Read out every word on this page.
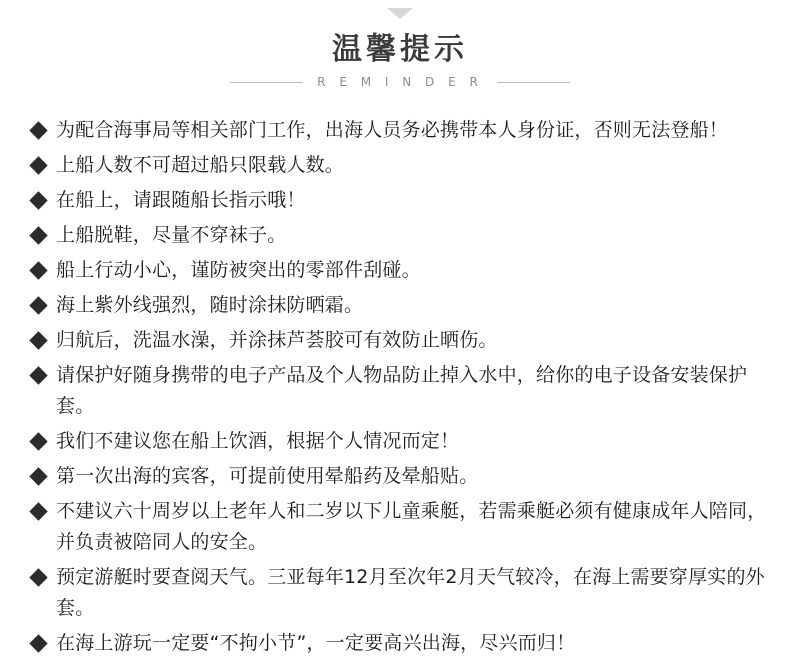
温馨提示
R E M I N D E R
为配合海事局等相关部门工作，出海人员务必携带本人身份证，否则无法登船！
上船人数不可超过船只限载人数。
在船上，请跟随船长指示哦！
上船脱鞋，尽量不穿袜子。
船上行动小心，谨防被突出的零部件刮碰。
海上紫外线强烈，随时涂抹防晒霜。
归航后，洗温水澡，并涂抹芦荟胶可有效防止晒伤。
请保护好随身携带的电子产品及个人物品防止掉入水中，给你的电子设备安装保护套。
我们不建议您在船上饮酒，根据个人情况而定！
第一次出海的宾客，可提前使用晕船药及晕船贴。
不建议六十周岁以上老年人和二岁以下儿童乘艇，若需乘艇必须有健康成年人陪同，并负责被陪同人的安全。
预定游艇时要查阅天气。三亚每年12月至次年2月天气较冷，在海上需要穿厚实的外套。
在海上游玩一定要“不拘小节”，一定要高兴出海，尽兴而归！
